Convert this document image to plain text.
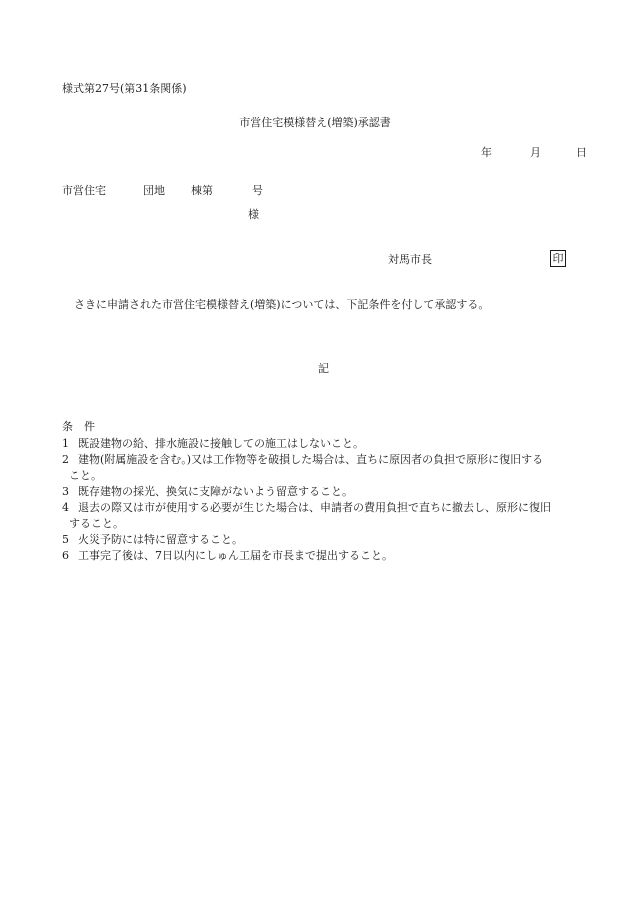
様式第27号(第31条関係)
市営住宅模様替え(増築)承認書
年	月	日
市営住宅	団地 棟第	号
様
対馬市長	印
さきに申請された市営住宅模様替え(増築)については、下記条件を付して承認する。
記
条　件
1 既設建物の給、排水施設に接触しての施工はしないこと。
2 建物(附属施設を含む。)又は工作物等を破損した場合は、直ちに原因者の負担で原形に復旧する
こと。
3 既存建物の採光、換気に支障がないよう留意すること。
4 退去の際又は市が使用する必要が生じた場合は、申請者の費用負担で直ちに撤去し、原形に復旧
すること。
5 火災予防には特に留意すること。
6 工事完了後は、7日以内にしゅん工届を市長まで提出すること。
